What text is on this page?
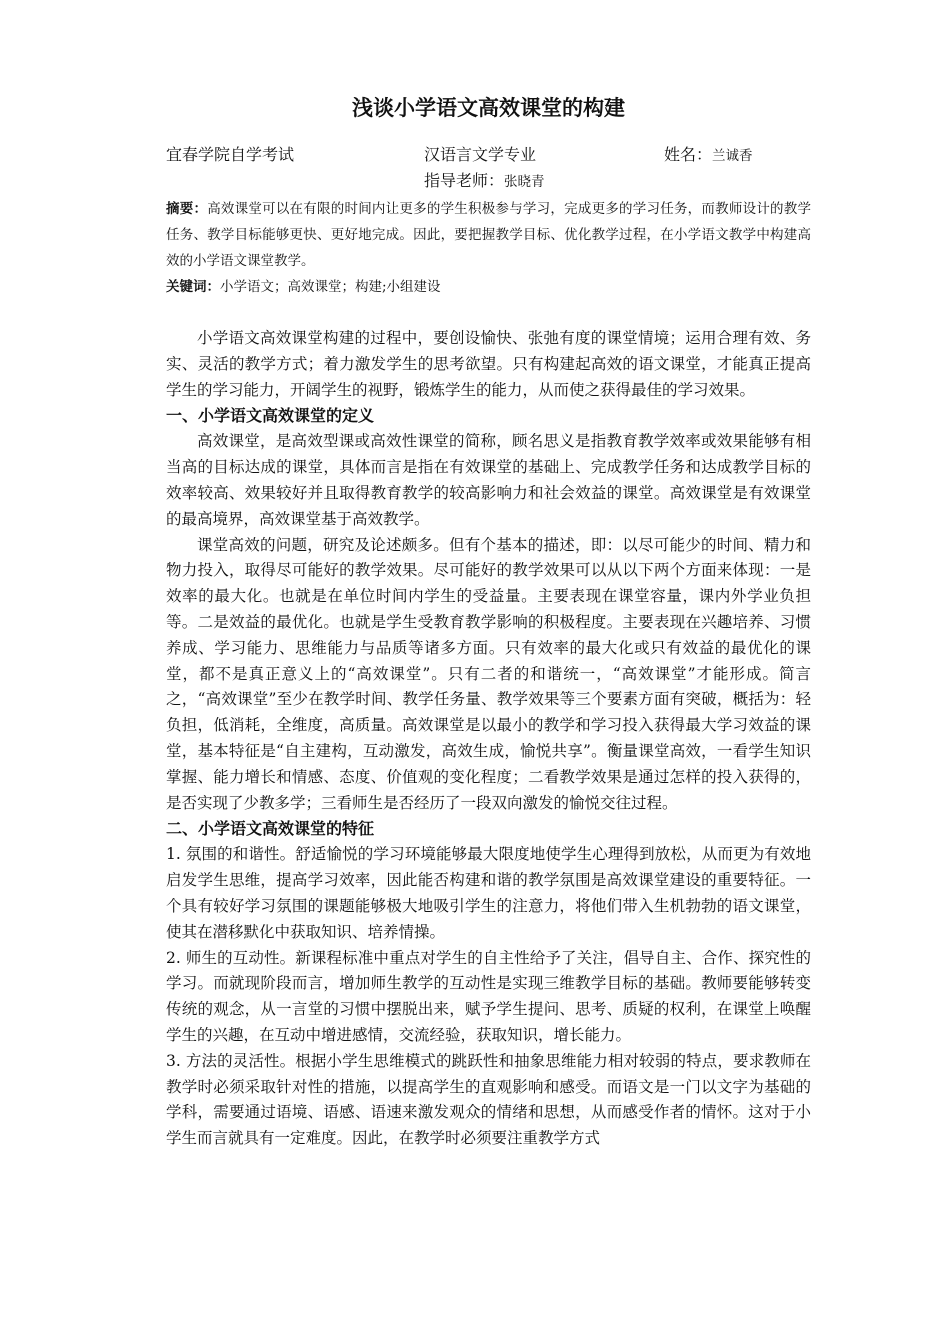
浅谈小学语文高效课堂的构建
宜春学院自学考试	汉语言文学专业	姓名：兰诚香
指导老师：张晓青

摘要：高效课堂可以在有限的时间内让更多的学生积极参与学习，完成更多的学习任务，而教师设计的教学任务、教学目标能够更快、更好地完成。因此，要把握教学目标、优化教学过程，在小学语文教学中构建高效的小学语文课堂教学。

关键词：小学语文；高效课堂；构建;小组建设

小学语文高效课堂构建的过程中，要创设愉快、张弛有度的课堂情境；运用合理有效、务实、灵活的教学方式；着力激发学生的思考欲望。只有构建起高效的语文课堂，才能真正提高学生的学习能力，开阔学生的视野，锻炼学生的能力，从而使之获得最佳的学习效果。

一、小学语文高效课堂的定义

高效课堂，是高效型课或高效性课堂的简称，顾名思义是指教育教学效率或效果能够有相当高的目标达成的课堂，具体而言是指在有效课堂的基础上、完成教学任务和达成教学目标的效率较高、效果较好并且取得教育教学的较高影响力和社会效益的课堂。高效课堂是有效课堂的最高境界，高效课堂基于高效教学。

课堂高效的问题，研究及论述颇多。但有个基本的描述，即：以尽可能少的时间、精力和物力投入，取得尽可能好的教学效果。尽可能好的教学效果可以从以下两个方面来体现：一是效率的最大化。也就是在单位时间内学生的受益量。主要表现在课堂容量，课内外学业负担等。二是效益的最优化。也就是学生受教育教学影响的积极程度。主要表现在兴趣培养、习惯养成、学习能力、思维能力与品质等诸多方面。只有效率的最大化或只有效益的最优化的课堂，都不是真正意义上的“高效课堂”。只有二者的和谐统一，“高效课堂”才能形成。简言之，“高效课堂”至少在教学时间、教学任务量、教学效果等三个要素方面有突破，概括为：轻负担，低消耗，全维度，高质量。高效课堂是以最小的教学和学习投入获得最大学习效益的课堂，基本特征是“自主建构，互动激发，高效生成，愉悦共享”。衡量课堂高效，一看学生知识掌握、能力增长和情感、态度、价值观的变化程度；二看教学效果是通过怎样的投入获得的，是否实现了少教多学；三看师生是否经历了一段双向激发的愉悦交往过程。

二、小学语文高效课堂的特征

1. 氛围的和谐性。舒适愉悦的学习环境能够最大限度地使学生心理得到放松，从而更为有效地启发学生思维，提高学习效率，因此能否构建和谐的教学氛围是高效课堂建设的重要特征。一个具有较好学习氛围的课题能够极大地吸引学生的注意力，将他们带入生机勃勃的语文课堂，使其在潜移默化中获取知识、培养情操。

2. 师生的互动性。新课程标准中重点对学生的自主性给予了关注，倡导自主、合作、探究性的学习。而就现阶段而言，增加师生教学的互动性是实现三维教学目标的基础。教师要能够转变传统的观念，从一言堂的习惯中摆脱出来，赋予学生提问、思考、质疑的权利，在课堂上唤醒学生的兴趣，在互动中增进感情，交流经验，获取知识，增长能力。

3. 方法的灵活性。根据小学生思维模式的跳跃性和抽象思维能力相对较弱的特点，要求教师在教学时必须采取针对性的措施，以提高学生的直观影响和感受。而语文是一门以文字为基础的学科，需要通过语境、语感、语速来激发观众的情绪和思想，从而感受作者的情怀。这对于小学生而言就具有一定难度。因此，在教学时必须要注重教学方式
